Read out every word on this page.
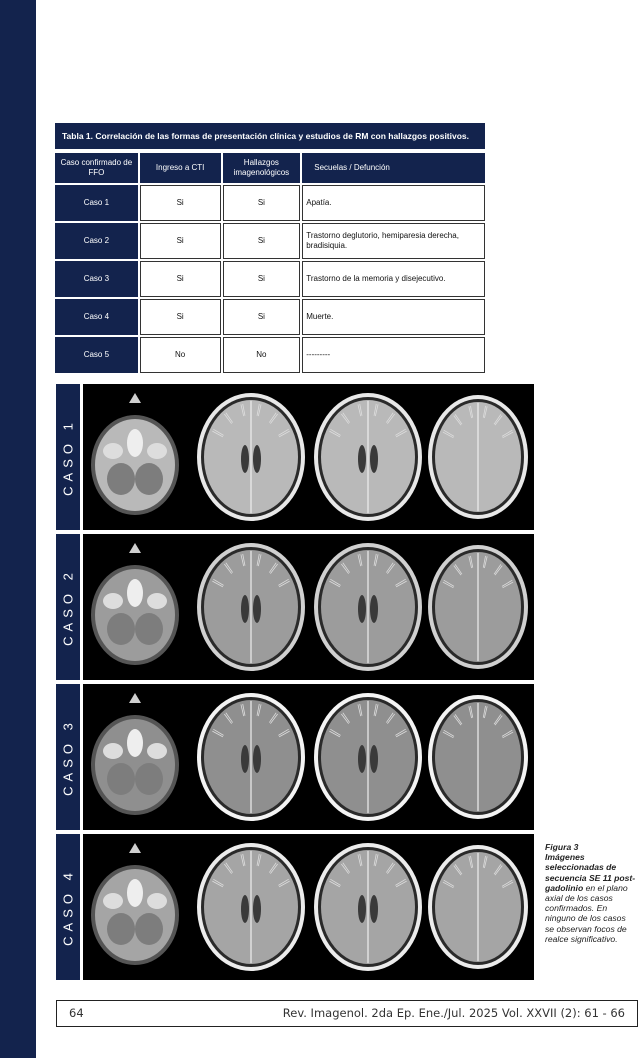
Tabla 1. Correlación de las formas de presentación clínica y estudios de RM con hallazgos positivos.
Caso confirmado de FFO	Ingreso a CTI	Hallazgos imagenológicos	Secuelas / Defunción
Caso 1	Si	Si	Apatía.
Caso 2	Si	Si	Trastorno deglutorio, hemiparesia derecha, bradisiquia.
Caso 3	Si	Si	Trastorno de la memoria y disejecutivo.
Caso 4	Si	Si	Muerte.
Caso 5	No	No	---------
CASO 1
CASO 2
CASO 3
CASO 4
Figura 3
Imágenes seleccionadas de secuencia SE 11 post-gadolinio en el plano axial de los casos confirmados. En ninguno de los casos se observan focos de realce significativo.
64	Rev. Imagenol. 2da Ep. Ene./Jul. 2025 Vol. XXVII (2): 61 - 66
